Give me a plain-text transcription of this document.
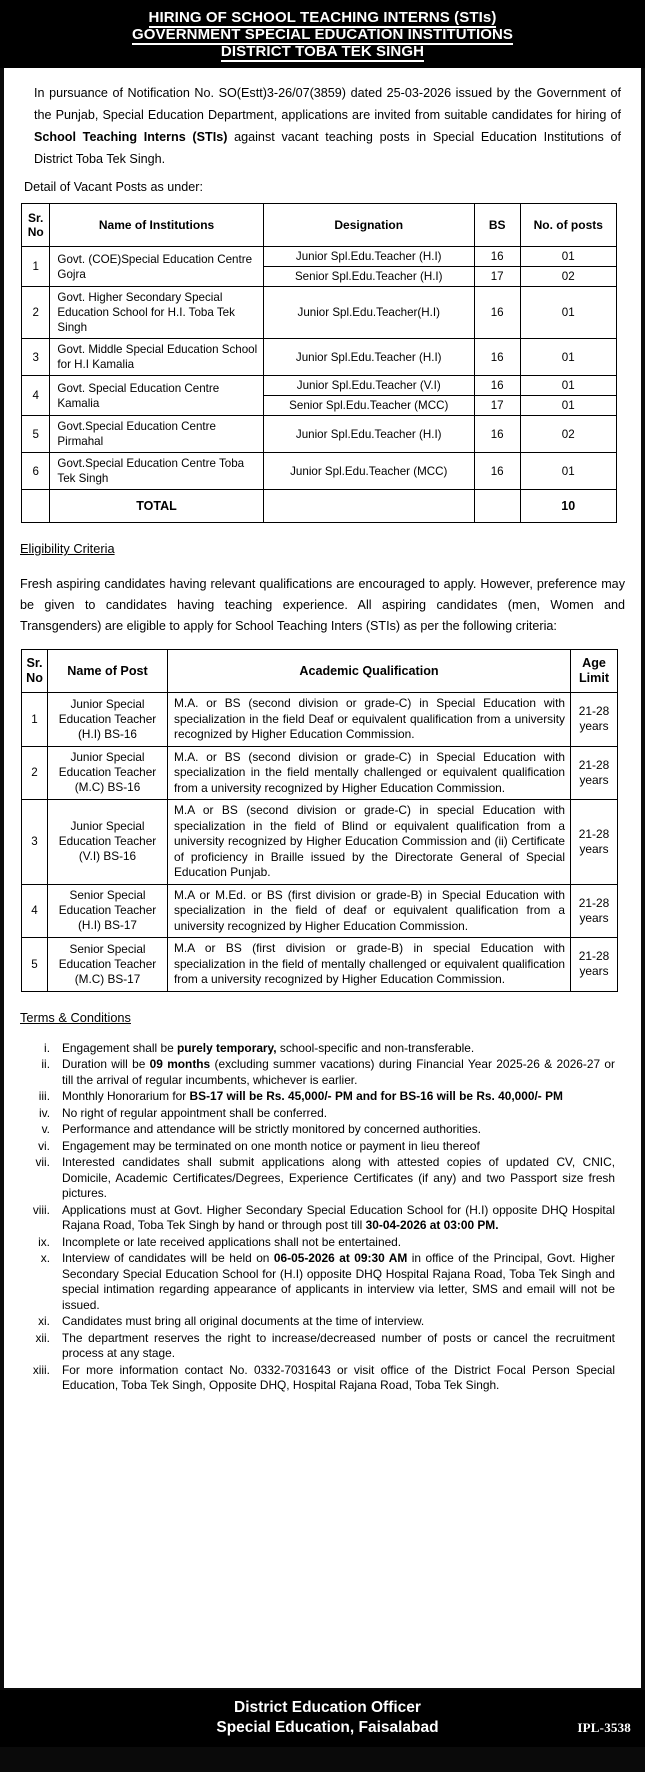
HIRING OF SCHOOL TEACHING INTERNS (STIs)
GOVERNMENT SPECIAL EDUCATION INSTITUTIONS
DISTRICT TOBA TEK SINGH

In pursuance of Notification No. SO(Estt)3-26/07(3859) dated 25-03-2026 issued by the Government of the Punjab, Special Education Department, applications are invited from suitable candidates for hiring of School Teaching Interns (STIs) against vacant teaching posts in Special Education Institutions of District Toba Tek Singh.

Detail of Vacant Posts as under:
Sr. No	Name of Institutions	Designation	BS	No. of posts
1	Govt. (COE)Special Education Centre Gojra	Junior Spl.Edu.Teacher (H.I)	16	01
		Senior Spl.Edu.Teacher (H.I)	17	02
2	Govt. Higher Secondary Special Education School for H.I. Toba Tek Singh	Junior Spl.Edu.Teacher(H.I)	16	01
3	Govt. Middle Special Education School for H.I Kamalia	Junior Spl.Edu.Teacher (H.I)	16	01
4	Govt. Special Education Centre Kamalia	Junior Spl.Edu.Teacher (V.I)	16	01
		Senior Spl.Edu.Teacher (MCC)	17	01
5	Govt.Special Education Centre Pirmahal	Junior Spl.Edu.Teacher (H.I)	16	02
6	Govt.Special Education Centre Toba Tek Singh	Junior Spl.Edu.Teacher (MCC)	16	01
	TOTAL			10
Eligibility Criteria

Fresh aspiring candidates having relevant qualifications are encouraged to apply. However, preference may be given to candidates having teaching experience. All aspiring candidates (men, Women and Transgenders) are eligible to apply for School Teaching Inters (STIs) as per the following criteria:

Sr. No	Name of Post	Academic Qualification	Age Limit
1	Junior Special Education Teacher (H.I) BS-16	M.A. or BS (second division or grade-C) in Special Education with specialization in the field Deaf or equivalent qualification from a university recognized by Higher Education Commission.	21-28 years
2	Junior Special Education Teacher (M.C) BS-16	M.A. or BS (second division or grade-C) in Special Education with specialization in the field mentally challenged or equivalent qualification from a university recognized by Higher Education Commission.	21-28 years
3	Junior Special Education Teacher (V.I) BS-16	M.A or BS (second division or grade-C) in special Education with specialization in the field of Blind or equivalent qualification from a university recognized by Higher Education Commission and (ii) Certificate of proficiency in Braille issued by the Directorate General of Special Education Punjab.	21-28 years
4	Senior Special Education Teacher (H.I) BS-17	M.A or M.Ed. or BS (first division or grade-B) in Special Education with specialization in the field of deaf or equivalent qualification from a university recognized by Higher Education Commission.	21-28 years
5	Senior Special Education Teacher (M.C) BS-17	M.A or BS (first division or grade-B) in special Education with specialization in the field of mentally challenged or equivalent qualification from a university recognized by Higher Education Commission.	21-28 years
Terms & Conditions
i.	Engagement shall be purely temporary, school-specific and non-transferable.
ii.	Duration will be 09 months (excluding summer vacations) during Financial Year 2025-26 & 2026-27 or till the arrival of regular incumbents, whichever is earlier.
iii.	Monthly Honorarium for BS-17 will be Rs. 45,000/- PM and for BS-16 will be Rs. 40,000/- PM
iv.	No right of regular appointment shall be conferred.
v.	Performance and attendance will be strictly monitored by concerned authorities.
vi.	Engagement may be terminated on one month notice or payment in lieu thereof
vii.	Interested candidates shall submit applications along with attested copies of updated CV, CNIC, Domicile, Academic Certificates/Degrees, Experience Certificates (if any) and two Passport size fresh pictures.
viii.	Applications must at Govt. Higher Secondary Special Education School for (H.I) opposite DHQ Hospital Rajana Road, Toba Tek Singh by hand or through post till 30-04-2026 at 03:00 PM.
ix.	Incomplete or late received applications shall not be entertained.
x.	Interview of candidates will be held on 06-05-2026 at 09:30 AM in office of the Principal, Govt. Higher Secondary Special Education School for (H.I) opposite DHQ Hospital Rajana Road, Toba Tek Singh and special intimation regarding appearance of applicants in interview via letter, SMS and email will not be issued.
xi.	Candidates must bring all original documents at the time of interview.
xii.	The department reserves the right to increase/decreased number of posts or cancel the recruitment process at any stage.
xiii.	For more information contact No. 0332-7031643 or visit office of the District Focal Person Special Education, Toba Tek Singh, Opposite DHQ, Hospital Rajana Road, Toba Tek Singh.
District Education Officer
Special Education, Faisalabad	IPL-3538
